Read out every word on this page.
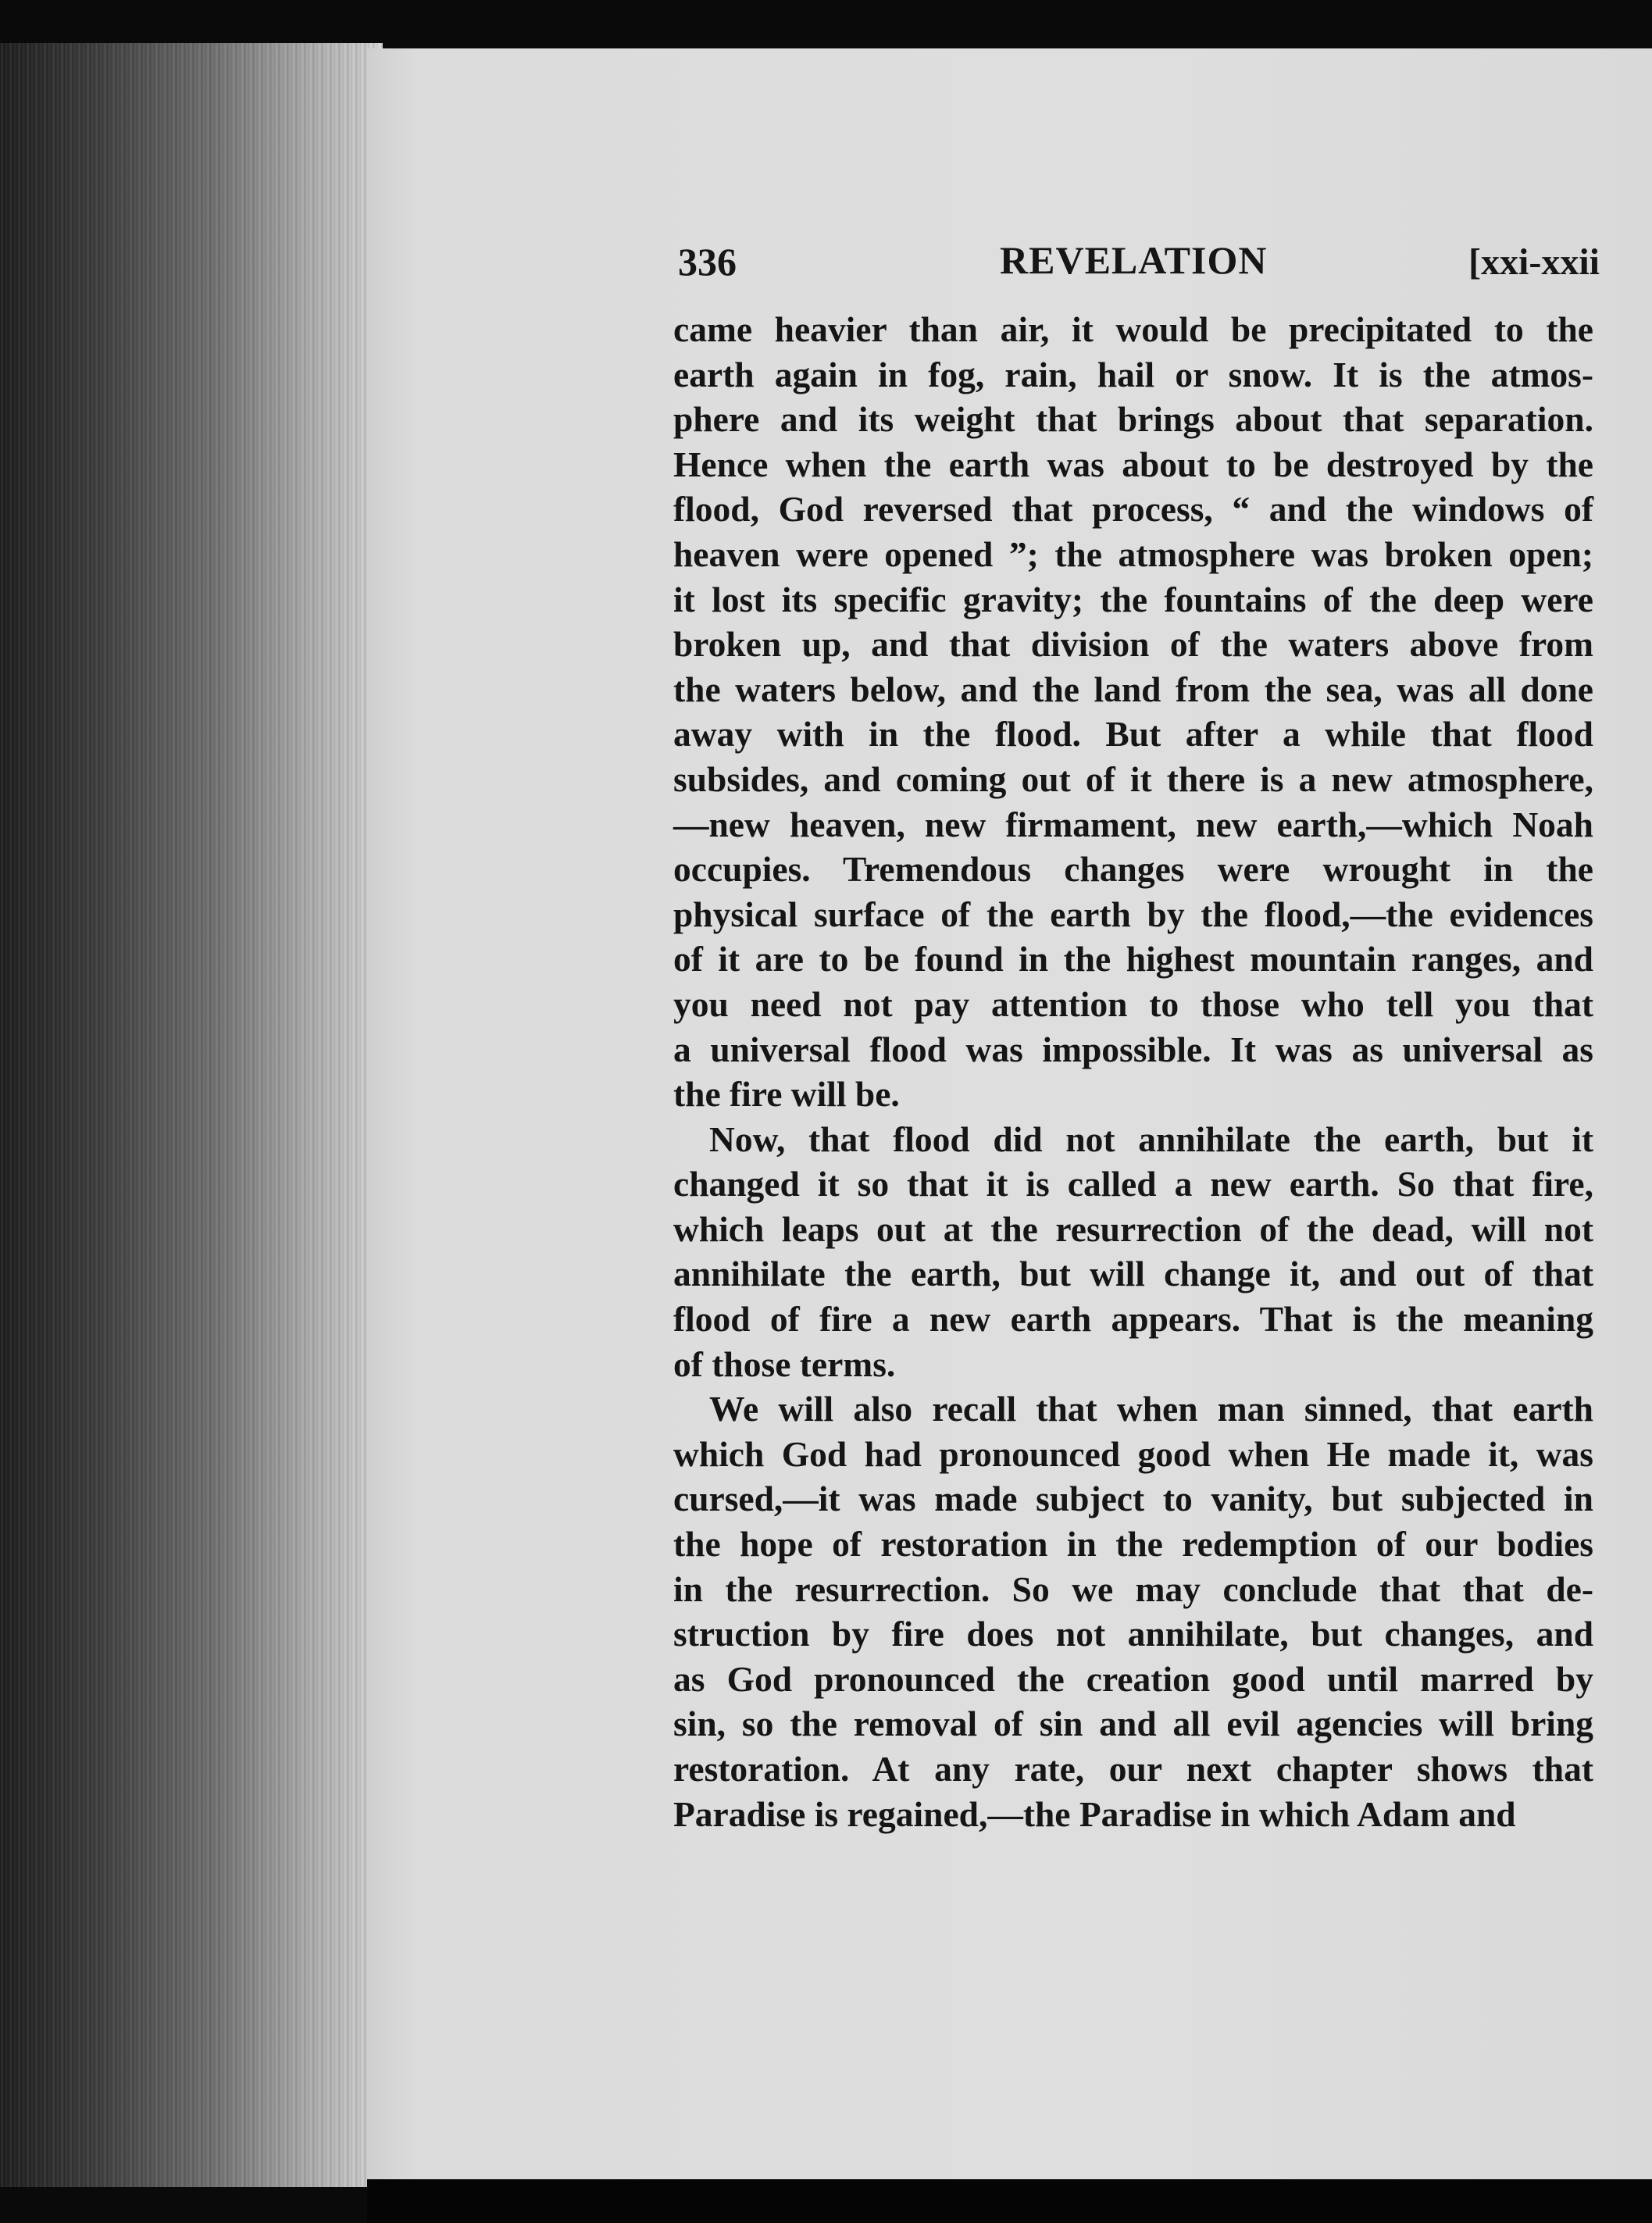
336	REVELATION	[xxi-xxii
came heavier than air, it would be precipitated to the
earth again in fog, rain, hail or snow. It is the atmos-
phere and its weight that brings about that separation.
Hence when the earth was about to be destroyed by the
flood, God reversed that process, “ and the windows of
heaven were opened ”; the atmosphere was broken open;
it lost its specific gravity; the fountains of the deep were
broken up, and that division of the waters above from
the waters below, and the land from the sea, was all done
away with in the flood. But after a while that flood
subsides, and coming out of it there is a new atmosphere,
—new heaven, new firmament, new earth,—which Noah
occupies. Tremendous changes were wrought in the
physical surface of the earth by the flood,—the evidences
of it are to be found in the highest mountain ranges, and
you need not pay attention to those who tell you that
a universal flood was impossible. It was as universal as
the fire will be.
Now, that flood did not annihilate the earth, but it
changed it so that it is called a new earth. So that fire,
which leaps out at the resurrection of the dead, will not
annihilate the earth, but will change it, and out of that
flood of fire a new earth appears. That is the meaning
of those terms.
We will also recall that when man sinned, that earth
which God had pronounced good when He made it, was
cursed,—it was made subject to vanity, but subjected in
the hope of restoration in the redemption of our bodies
in the resurrection. So we may conclude that that de-
struction by fire does not annihilate, but changes, and
as God pronounced the creation good until marred by
sin, so the removal of sin and all evil agencies will bring
restoration. At any rate, our next chapter shows that
Paradise is regained,—the Paradise in which Adam and
